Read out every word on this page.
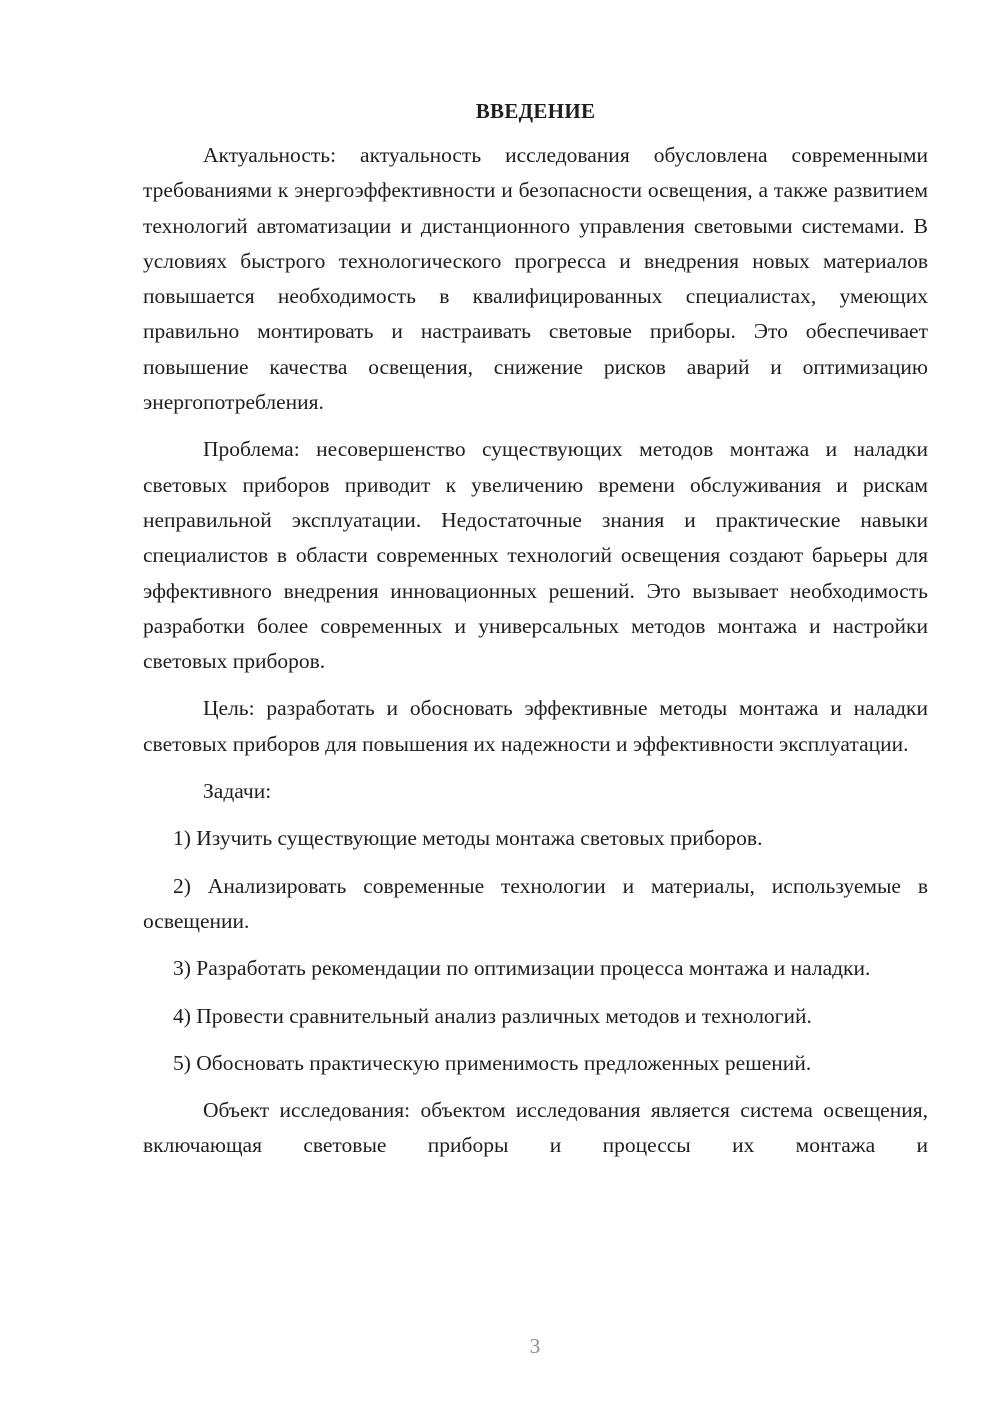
ВВЕДЕНИЕ

Актуальность: актуальность исследования обусловлена современными требованиями к энергоэффективности и безопасности освещения, а также развитием технологий автоматизации и дистанционного управления световыми системами. В условиях быстрого технологического прогресса и внедрения новых материалов повышается необходимость в квалифицированных специалистах, умеющих правильно монтировать и настраивать световые приборы. Это обеспечивает повышение качества освещения, снижение рисков аварий и оптимизацию энергопотребления.

Проблема: несовершенство существующих методов монтажа и наладки световых приборов приводит к увеличению времени обслуживания и рискам неправильной эксплуатации. Недостаточные знания и практические навыки специалистов в области современных технологий освещения создают барьеры для эффективного внедрения инновационных решений. Это вызывает необходимость разработки более современных и универсальных методов монтажа и настройки световых приборов.

Цель: разработать и обосновать эффективные методы монтажа и наладки световых приборов для повышения их надежности и эффективности эксплуатации.

Задачи:

1) Изучить существующие методы монтажа световых приборов.

2) Анализировать современные технологии и материалы, используемые в освещении.

3) Разработать рекомендации по оптимизации процесса монтажа и наладки.

4) Провести сравнительный анализ различных методов и технологий.

5) Обосновать практическую применимость предложенных решений.

Объект исследования: объектом исследования является система освещения, включающая световые приборы и процессы их монтажа и

3
